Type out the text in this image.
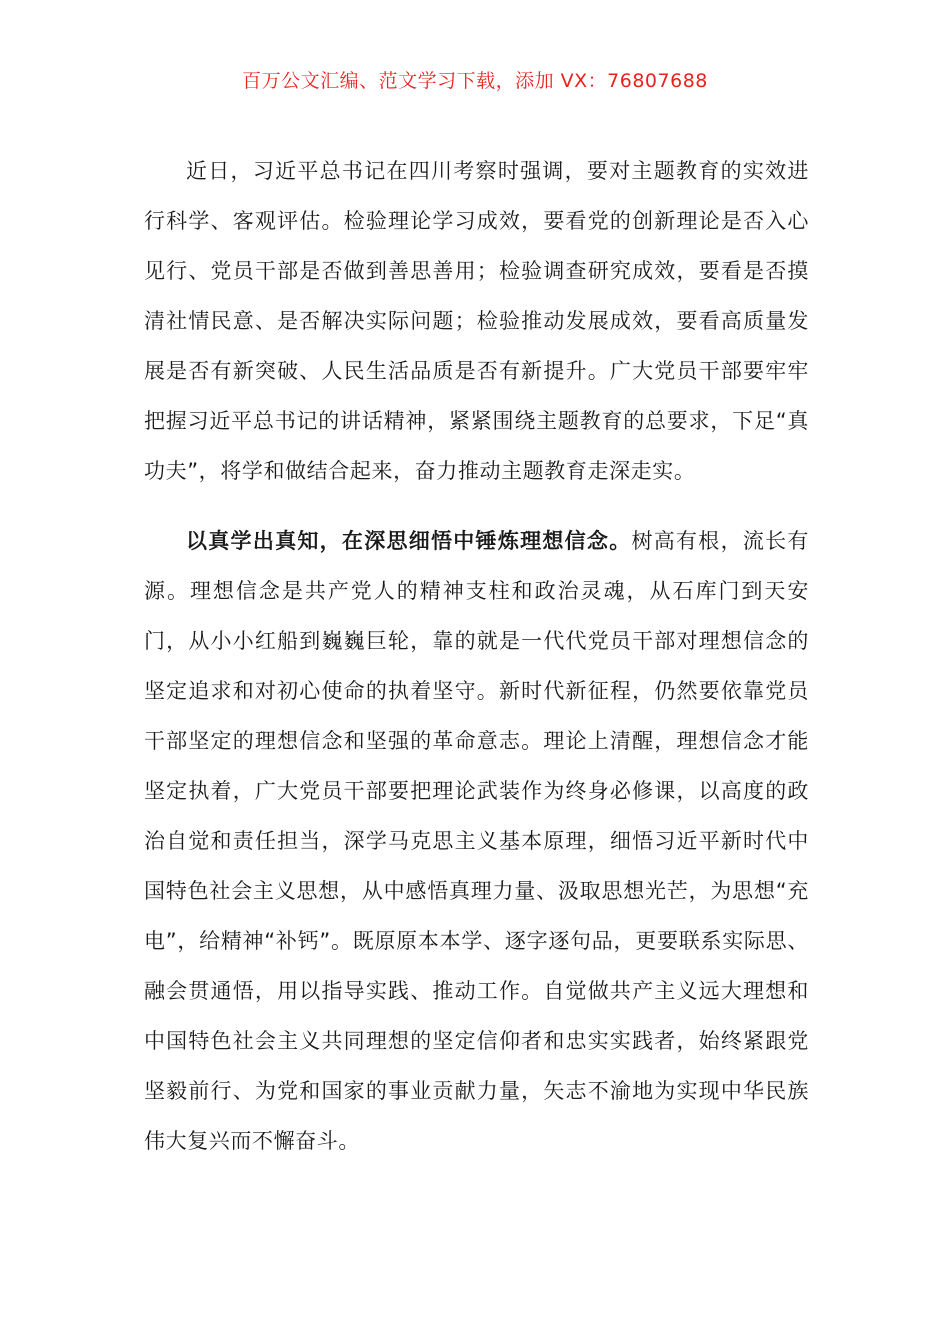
百万公文汇编、范文学习下载，添加 VX：76807688

近日，习近平总书记在四川考察时强调，要对主题教育的实效进行科学、客观评估。检验理论学习成效，要看党的创新理论是否入心见行、党员干部是否做到善思善用；检验调查研究成效，要看是否摸清社情民意、是否解决实际问题；检验推动发展成效，要看高质量发展是否有新突破、人民生活品质是否有新提升。广大党员干部要牢牢把握习近平总书记的讲话精神，紧紧围绕主题教育的总要求，下足“真功夫”，将学和做结合起来，奋力推动主题教育走深走实。

以真学出真知，在深思细悟中锤炼理想信念。树高有根，流长有源。理想信念是共产党人的精神支柱和政治灵魂，从石库门到天安门，从小小红船到巍巍巨轮，靠的就是一代代党员干部对理想信念的坚定追求和对初心使命的执着坚守。新时代新征程，仍然要依靠党员干部坚定的理想信念和坚强的革命意志。理论上清醒，理想信念才能坚定执着，广大党员干部要把理论武装作为终身必修课，以高度的政治自觉和责任担当，深学马克思主义基本原理，细悟习近平新时代中国特色社会主义思想，从中感悟真理力量、汲取思想光芒，为思想“充电”，给精神“补钙”。既原原本本学、逐字逐句品，更要联系实际思、融会贯通悟，用以指导实践、推动工作。自觉做共产主义远大理想和中国特色社会主义共同理想的坚定信仰者和忠实实践者，始终紧跟党坚毅前行、为党和国家的事业贡献力量，矢志不渝地为实现中华民族伟大复兴而不懈奋斗。
